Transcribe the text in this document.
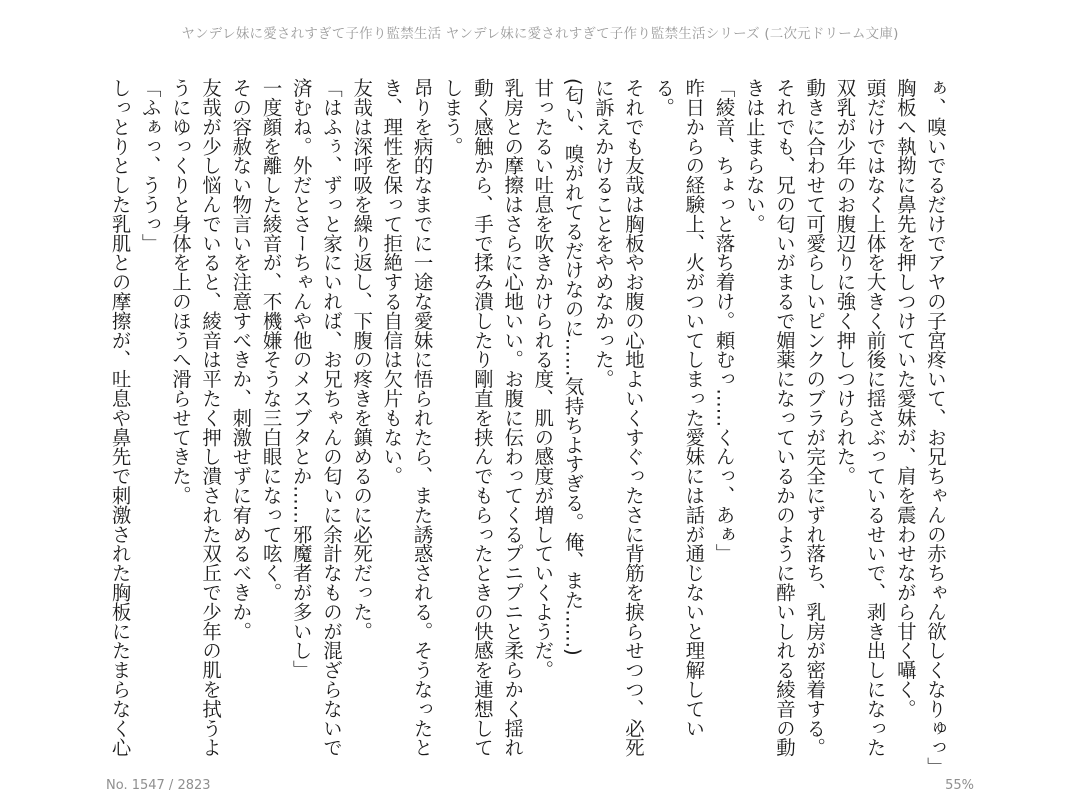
ヤンデレ妹に愛されすぎて子作り監禁生活 ヤンデレ妹に愛されすぎて子作り監禁生活シリーズ (二次元ドリーム文庫)

ぁ、嗅いでるだけでアヤの子宮疼いて、お兄ちゃんの赤ちゃん欲しくなりゅっ」

胸板へ執拗に鼻先を押しつけていた愛妹が、肩を震わせながら甘く囁く。

頭だけではなく上体を大きく前後に揺さぶっているせいで、剥き出しになった双乳が少年のお腹辺りに強く押しつけられた。

動きに合わせて可愛らしいピンクのブラが完全にずれ落ち、乳房が密着する。

それでも、兄の匂いがまるで媚薬になっているかのように酔いしれる綾音の動きは止まらない。

「綾音、ちょっと落ち着け。頼むっ……くんっ、あぁ」

昨日からの経験上、火がついてしまった愛妹には話が通じないと理解している。

それでも友哉は胸板やお腹の心地よいくすぐったさに背筋を捩らせつつ、必死に訴えかけることをやめなかった。

(匂い、嗅がれてるだけなのに……気持ちよすぎる。俺、また……)

甘ったるい吐息を吹きかけられる度、肌の感度が増していくようだ。

乳房との摩擦はさらに心地いい。お腹に伝わってくるプニプニと柔らかく揺れ動く感触から、手で揉み潰したり剛直を挟んでもらったときの快感を連想してしまう。

昂りを病的なまでに一途な愛妹に悟られたら、また誘惑される。そうなったとき、理性を保って拒絶する自信は欠片もない。

友哉は深呼吸を繰り返し、下腹の疼きを鎮めるのに必死だった。

「はふぅ、ずっと家にいれば、お兄ちゃんの匂いに余計なものが混ざらないで済むね。外だとさーちゃんや他のメスブタとか……邪魔者が多いし」

一度顔を離した綾音が、不機嫌そうな三白眼になって呟く。

その容赦ない物言いを注意すべきか、刺激せずに宥めるべきか。

友哉が少し悩んでいると、綾音は平たく押し潰された双丘で少年の肌を拭うようにゆっくりと身体を上のほうへ滑らせてきた。

「ふぁっ、ううっ」

しっとりとした乳肌との摩擦が、吐息や鼻先で刺激された胸板にたまらなく心

No. 1547 / 2823	55%
